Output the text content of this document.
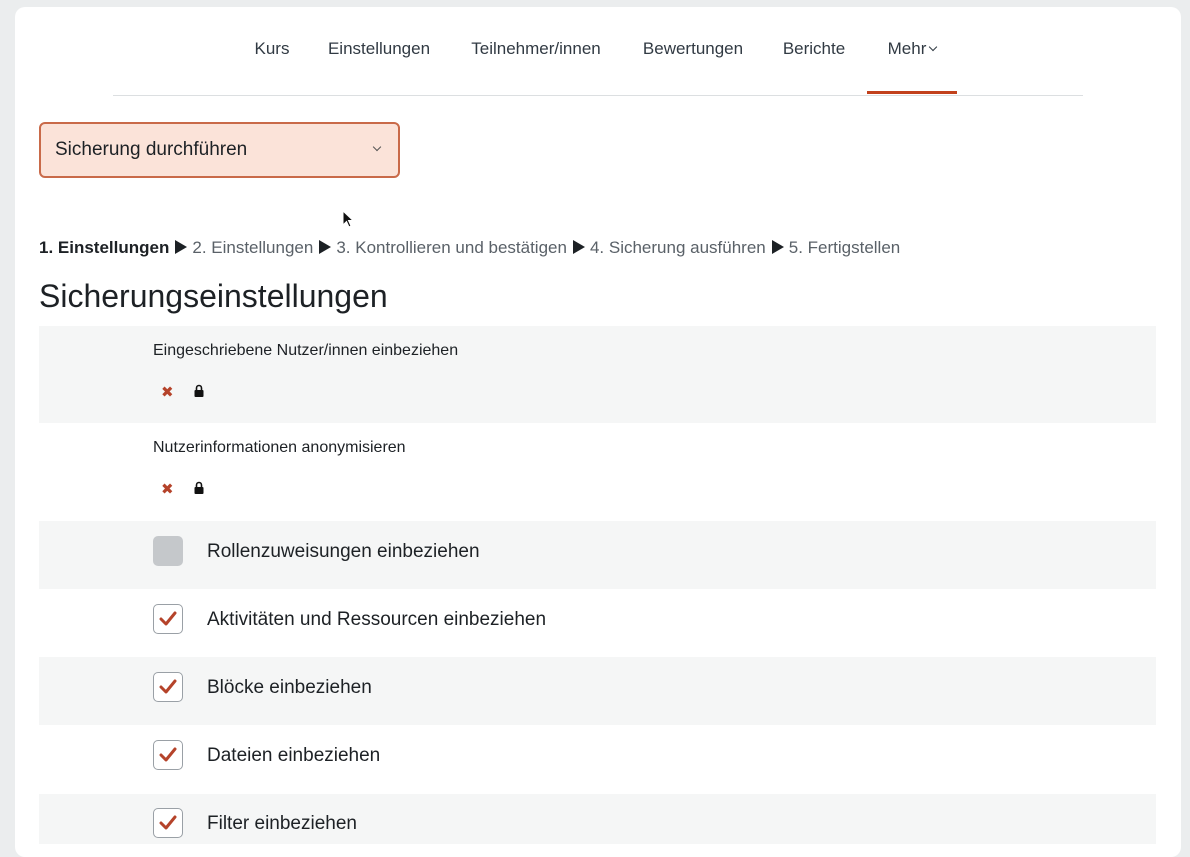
Kurs Einstellungen Teilnehmer/innen Bewertungen Berichte Mehr
Sicherung durchführen
1. Einstellungen 2. Einstellungen 3. Kontrollieren und bestätigen 4. Sicherung ausführen 5. Fertigstellen
Sicherungseinstellungen
Eingeschriebene Nutzer/innen einbeziehen
✖
Nutzerinformationen anonymisieren
✖
Rollenzuweisungen einbeziehen
Aktivitäten und Ressourcen einbeziehen
Blöcke einbeziehen
Dateien einbeziehen
Filter einbeziehen
